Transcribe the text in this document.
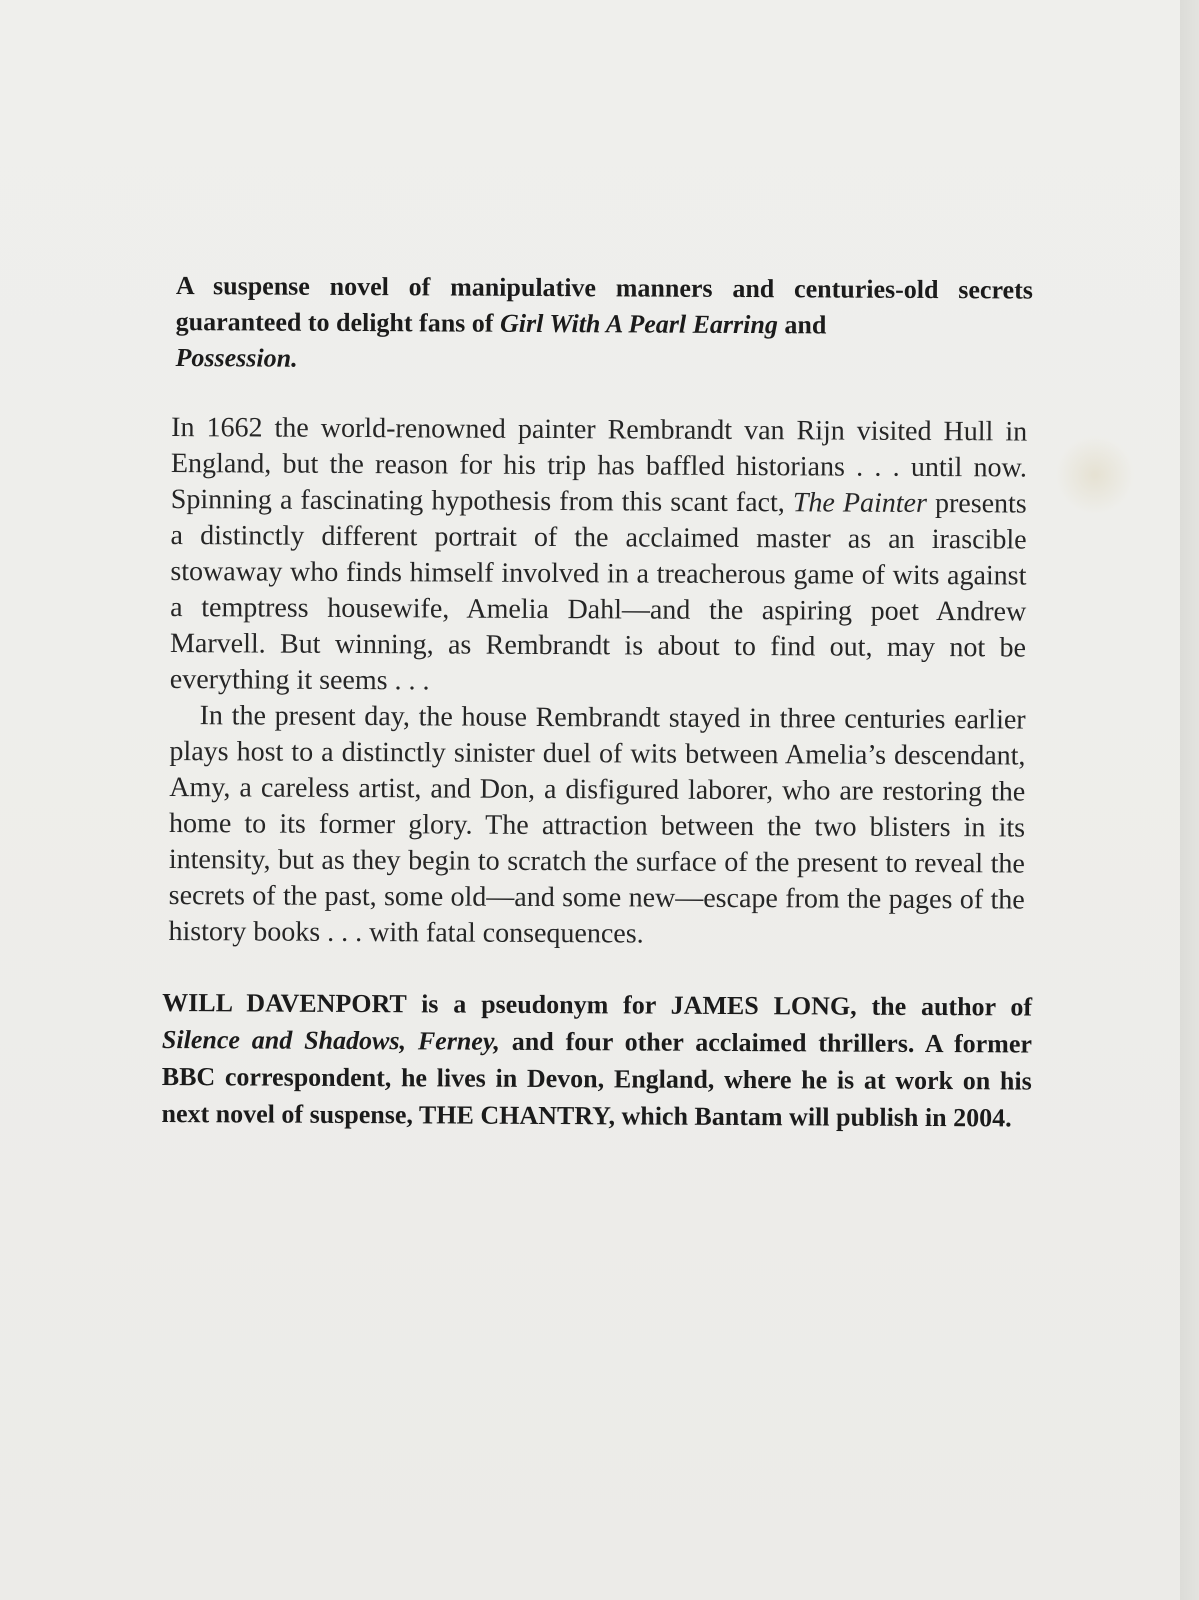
A suspense novel of manipulative manners and centuries-old secrets guaranteed to delight fans of Girl With A Pearl Earring and
Possession.

In 1662 the world-renowned painter Rembrandt van Rijn visited Hull in England, but the reason for his trip has baffled historians . . . until now. Spinning a fascinating hypothesis from this scant fact, The Painter presents a distinctly different portrait of the acclaimed master as an irascible stowaway who finds himself involved in a treacherous game of wits against a temptress housewife, Amelia Dahl—and the aspiring poet Andrew Marvell. But winning, as Rembrandt is about to find out, may not be everything it seems . . .

In the present day, the house Rembrandt stayed in three centuries earlier plays host to a distinctly sinister duel of wits between Amelia’s descendant, Amy, a careless artist, and Don, a disfigured laborer, who are restoring the home to its former glory. The attraction between the two blisters in its intensity, but as they begin to scratch the surface of the present to reveal the secrets of the past, some old—and some new—escape from the pages of the history books . . . with fatal consequences.

WILL DAVENPORT is a pseudonym for JAMES LONG, the author of Silence and Shadows, Ferney, and four other acclaimed thrillers. A former BBC correspondent, he lives in Devon, England, where he is at work on his next novel of suspense, THE CHANTRY, which Bantam will publish in 2004.
